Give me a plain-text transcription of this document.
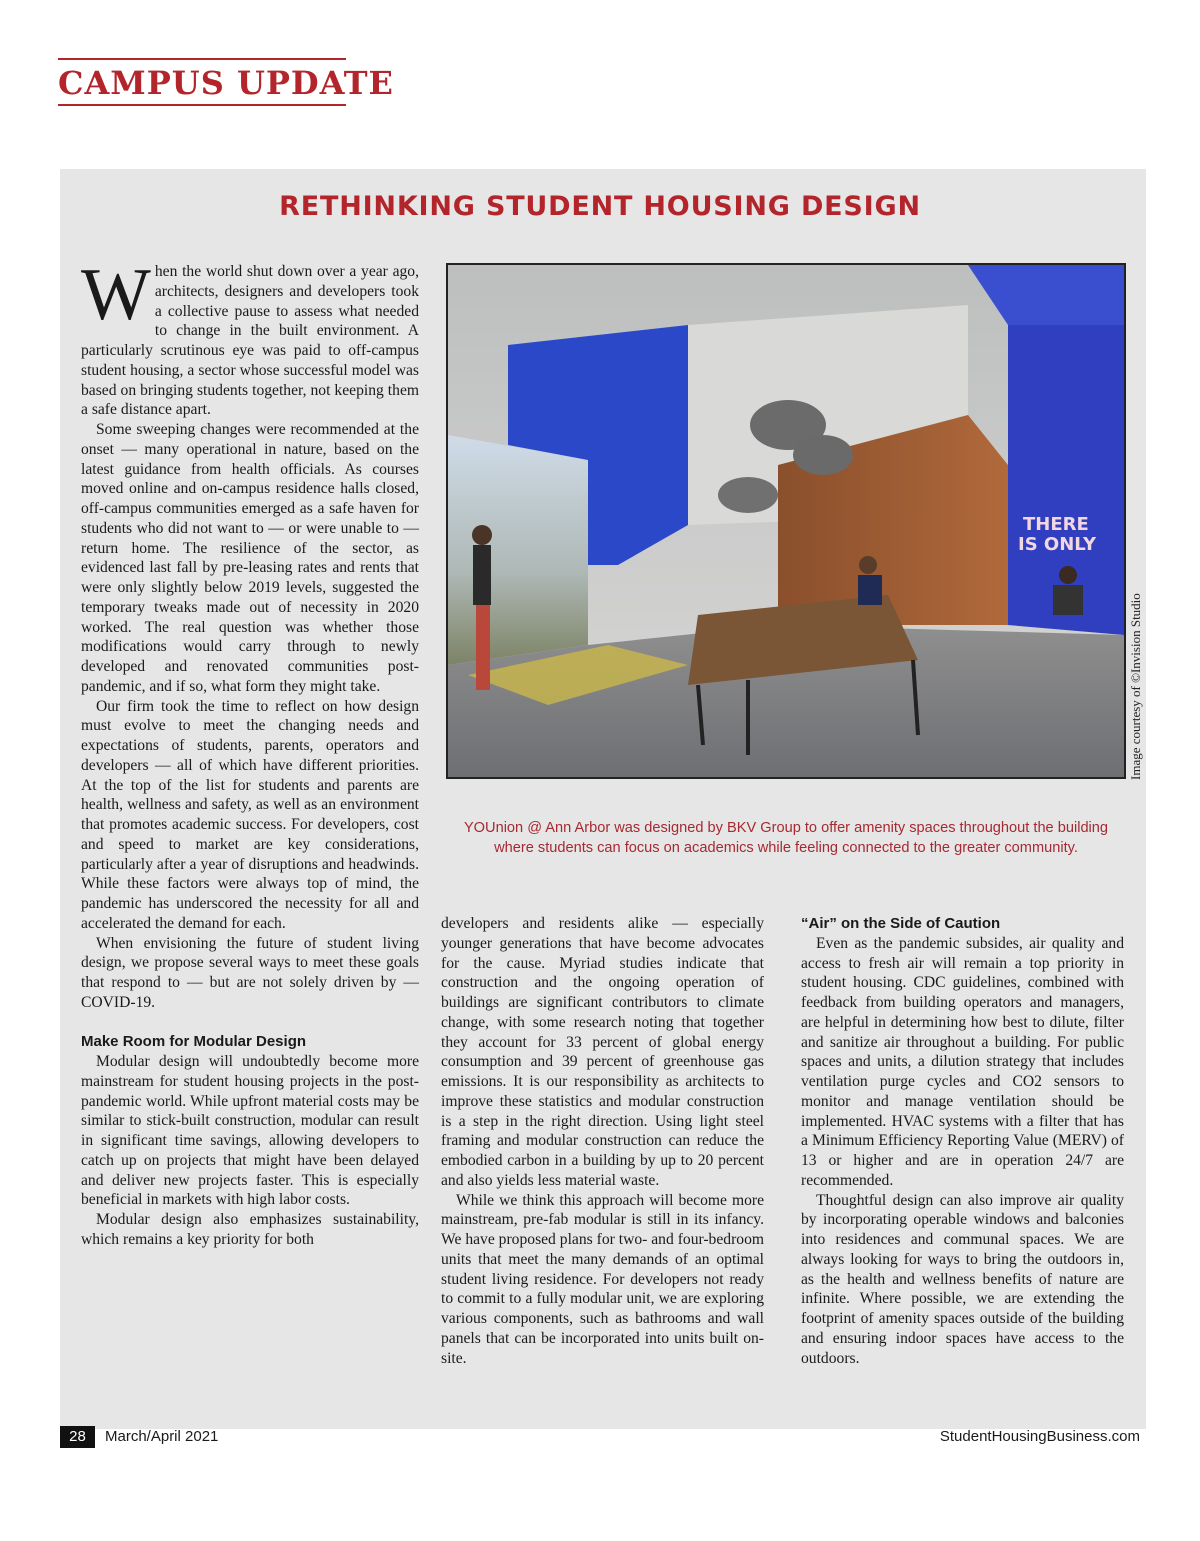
CAMPUS UPDATE
RETHINKING STUDENT HOUSING DESIGN

When the world shut down over a year ago, architects, designers and developers took a collective pause to assess what needed to change in the built environment. A particularly scrutinous eye was paid to off-campus student housing, a sector whose successful model was based on bringing students together, not keeping them a safe distance apart.

Some sweeping changes were recommended at the onset — many operational in nature, based on the latest guidance from health officials. As courses moved online and on-campus residence halls closed, off-campus communities emerged as a safe haven for students who did not want to — or were unable to — return home. The resilience of the sector, as evidenced last fall by pre-leasing rates and rents that were only slightly below 2019 levels, suggested the temporary tweaks made out of necessity in 2020 worked. The real question was whether those modifications would carry through to newly developed and renovated communities post-pandemic, and if so, what form they might take.

Our firm took the time to reflect on how design must evolve to meet the changing needs and expectations of students, parents, operators and developers — all of which have different priorities. At the top of the list for students and parents are health, wellness and safety, as well as an environment that promotes academic success. For developers, cost and speed to market are key considerations, particularly after a year of disruptions and headwinds. While these factors were always top of mind, the pandemic has underscored the necessity for all and accelerated the demand for each.

When envisioning the future of student living design, we propose several ways to meet these goals that respond to — but are not solely driven by — COVID-19.

Make Room for Modular Design

Modular design will undoubtedly become more mainstream for student housing projects in the post-pandemic world. While upfront material costs may be similar to stick-built construction, modular can result in significant time savings, allowing developers to catch up on projects that might have been delayed and deliver new projects faster. This is especially beneficial in markets with high labor costs.

Modular design also emphasizes sustainability, which remains a key priority for both

THERE
IS ONLY
Image courtesy of ©Invision Studio
YOUnion @ Ann Arbor was designed by BKV Group to offer amenity spaces throughout the building where students can focus on academics while feeling connected to the greater community.

developers and residents alike — especially younger generations that have become advocates for the cause. Myriad studies indicate that construction and the ongoing operation of buildings are significant contributors to climate change, with some research noting that together they account for 33 percent of global energy consumption and 39 percent of greenhouse gas emissions. It is our responsibility as architects to improve these statistics and modular construction is a step in the right direction. Using light steel framing and modular construction can reduce the embodied carbon in a building by up to 20 percent and also yields less material waste.

While we think this approach will become more mainstream, pre-fab modular is still in its infancy. We have proposed plans for two- and four-bedroom units that meet the many demands of an optimal student living residence. For developers not ready to commit to a fully modular unit, we are exploring various components, such as bathrooms and wall panels that can be incorporated into units built on-site.

“Air” on the Side of Caution

Even as the pandemic subsides, air quality and access to fresh air will remain a top priority in student housing. CDC guidelines, combined with feedback from building operators and managers, are helpful in determining how best to dilute, filter and sanitize air throughout a building. For public spaces and units, a dilution strategy that includes ventilation purge cycles and CO2 sensors to monitor and manage ventilation should be implemented. HVAC systems with a filter that has a Minimum Efficiency Reporting Value (MERV) of 13 or higher and are in operation 24/7 are recommended.

Thoughtful design can also improve air quality by incorporating operable windows and balconies into residences and communal spaces. We are always looking for ways to bring the outdoors in, as the health and wellness benefits of nature are infinite. Where possible, we are extending the footprint of amenity spaces outside of the building and ensuring indoor spaces have access to the outdoors.

28	March/April 2021	StudentHousingBusiness.com
